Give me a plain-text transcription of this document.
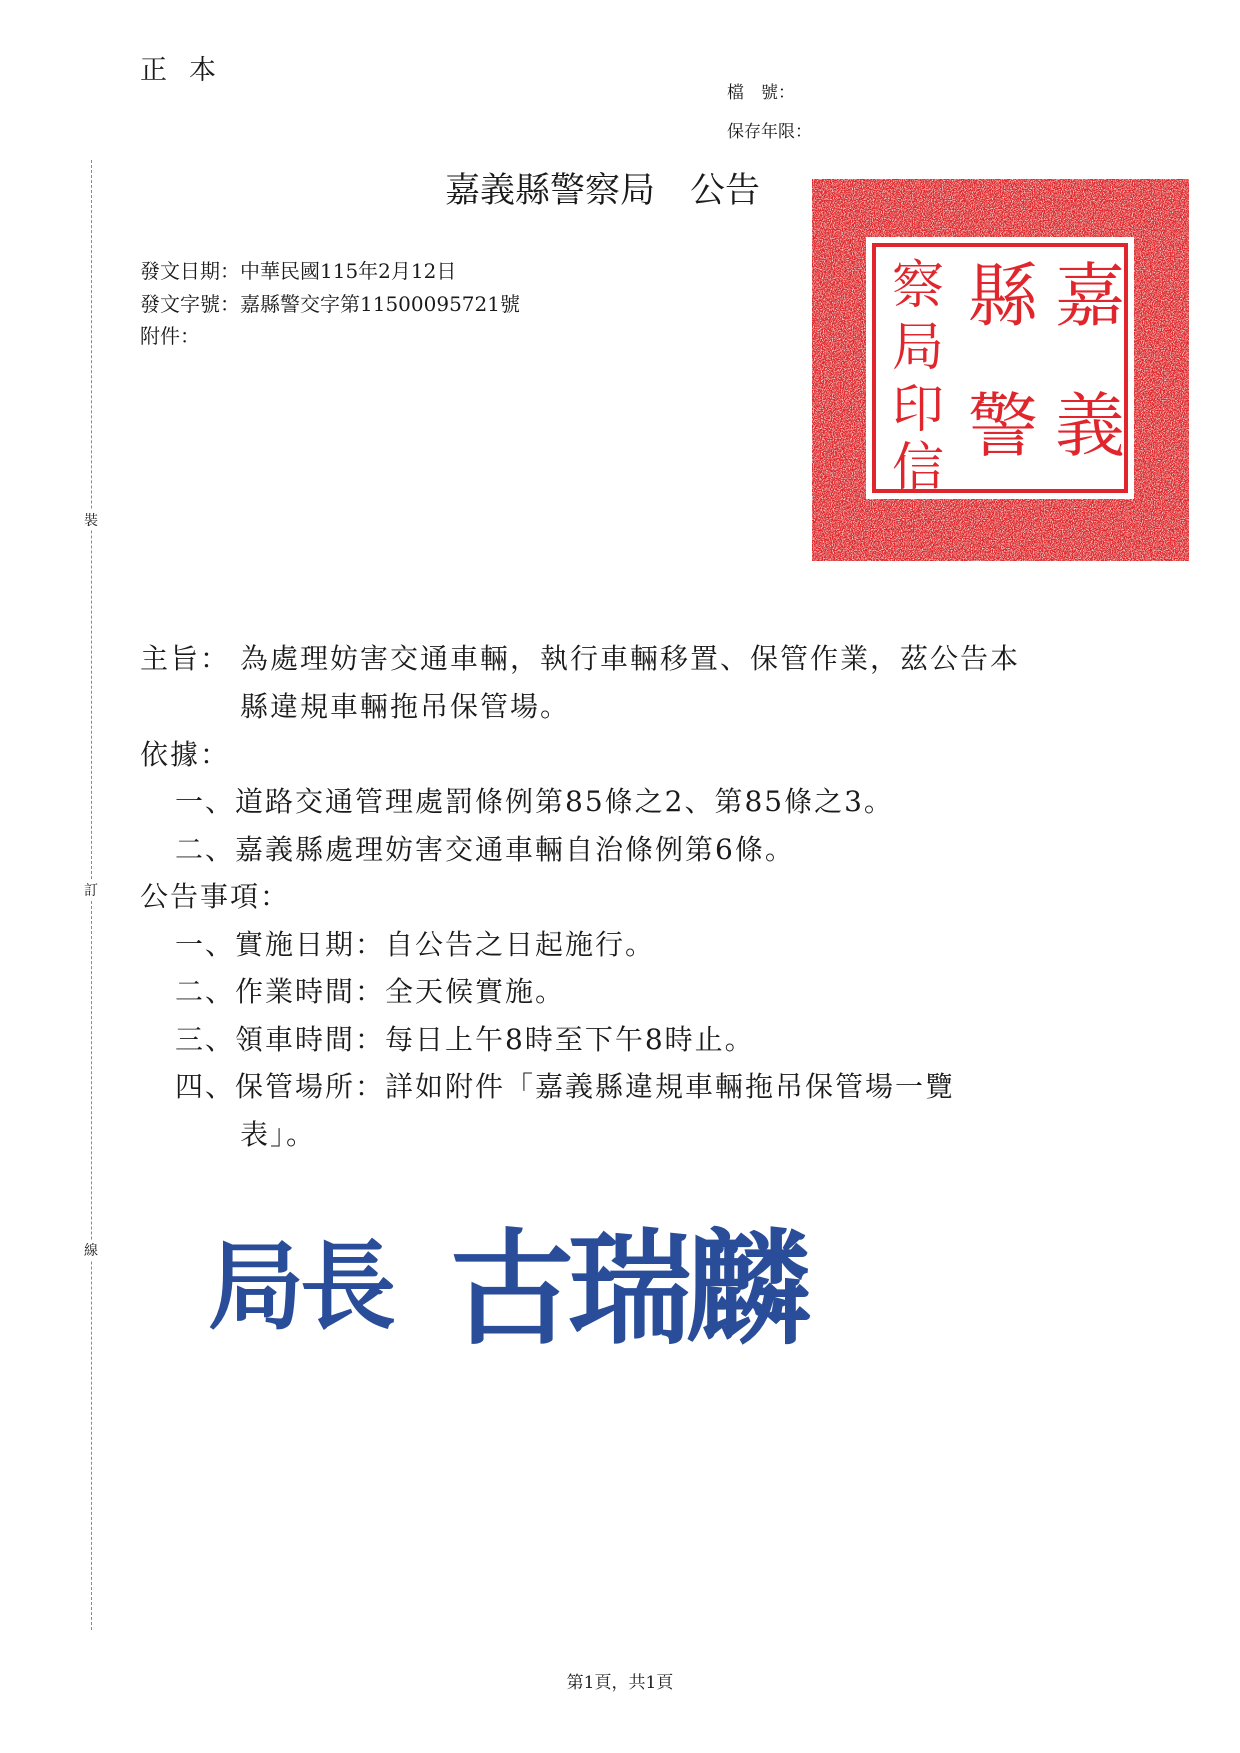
正本
檔　號：
保存年限：
嘉義縣警察局　公告
發文日期：中華民國115年2月12日
發文字號：嘉縣警交字第11500095721號
附件：
裝
訂
線
嘉
義
縣
警
察
局
印
信
主旨： 為處理妨害交通車輛，執行車輛移置、保管作業，茲公告本
縣違規車輛拖吊保管場。
依據：
一、道路交通管理處罰條例第85條之2、第85條之3。
二、嘉義縣處理妨害交通車輛自治條例第6條。
公告事項：
一、實施日期：自公告之日起施行。
二、作業時間：全天候實施。
三、領車時間：每日上午8時至下午8時止。
四、保管場所：詳如附件「嘉義縣違規車輛拖吊保管場一覽
表」。
局長 古瑞麟
第1頁，共1頁
